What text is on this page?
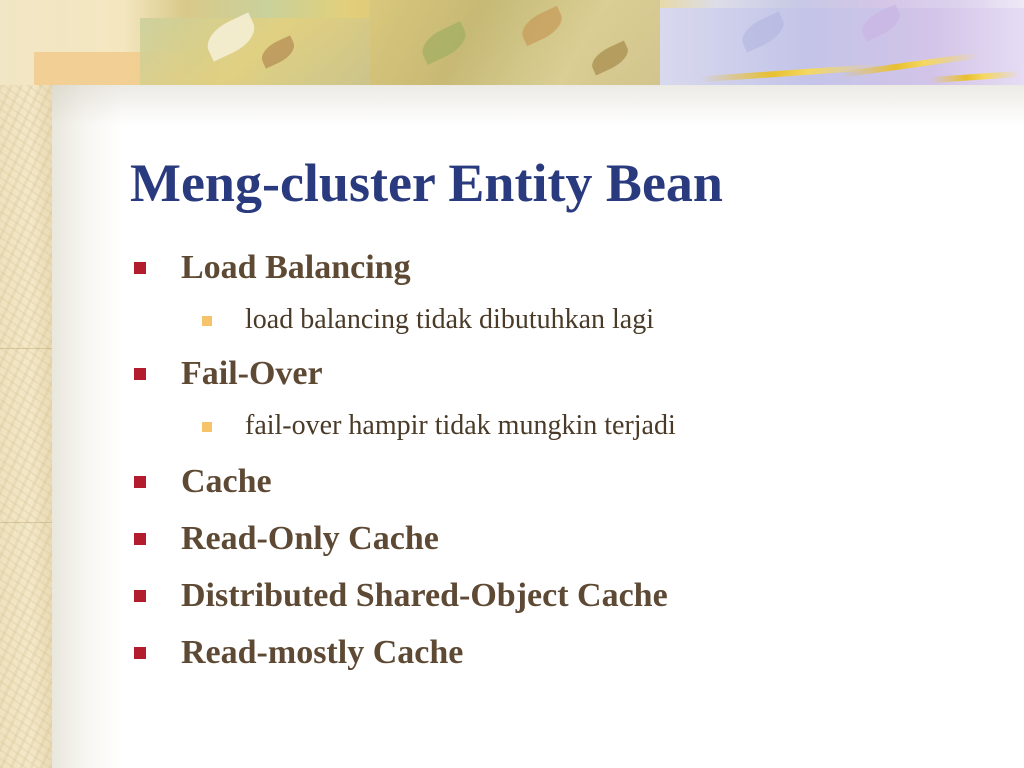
Meng-cluster Entity Bean
Load Balancing
load balancing tidak dibutuhkan lagi
Fail-Over
fail-over hampir tidak mungkin terjadi
Cache
Read-Only Cache
Distributed Shared-Object Cache
Read-mostly Cache
